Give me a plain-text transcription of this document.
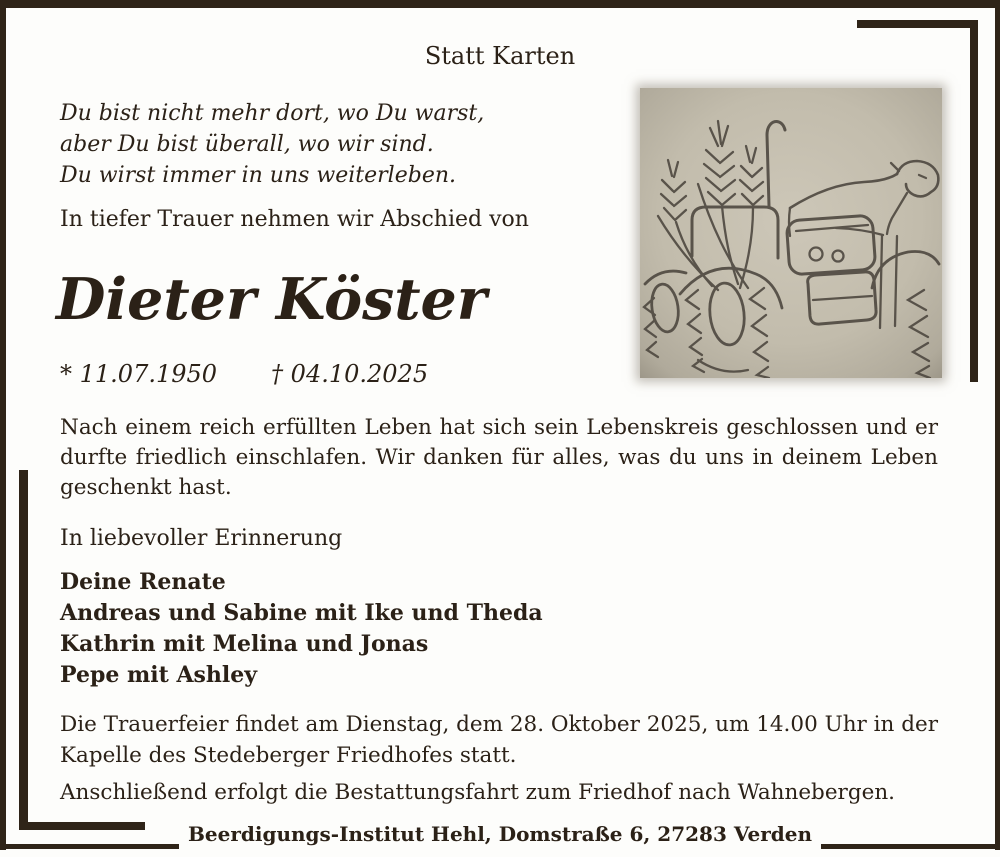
Statt Karten
Du bist nicht mehr dort, wo Du warst,
aber Du bist überall, wo wir sind.
Du wirst immer in uns weiterleben.
In tiefer Trauer nehmen wir Abschied von
Dieter Köster
* 11.07.1950 † 04.10.2025
Nach einem reich erfüllten Leben hat sich sein Lebenskreis geschlossen und er durfte friedlich einschlafen. Wir danken für alles, was du uns in deinem Leben geschenkt hast.
In liebevoller Erinnerung
Deine Renate
Andreas und Sabine mit Ike und Theda
Kathrin mit Melina und Jonas
Pepe mit Ashley
Die Trauerfeier findet am Dienstag, dem 28. Oktober 2025, um 14.00 Uhr in der Kapelle des Stedeberger Friedhofes statt.
Anschließend erfolgt die Bestattungsfahrt zum Friedhof nach Wahnebergen.
Beerdigungs-Institut Hehl, Domstraße 6, 27283 Verden
